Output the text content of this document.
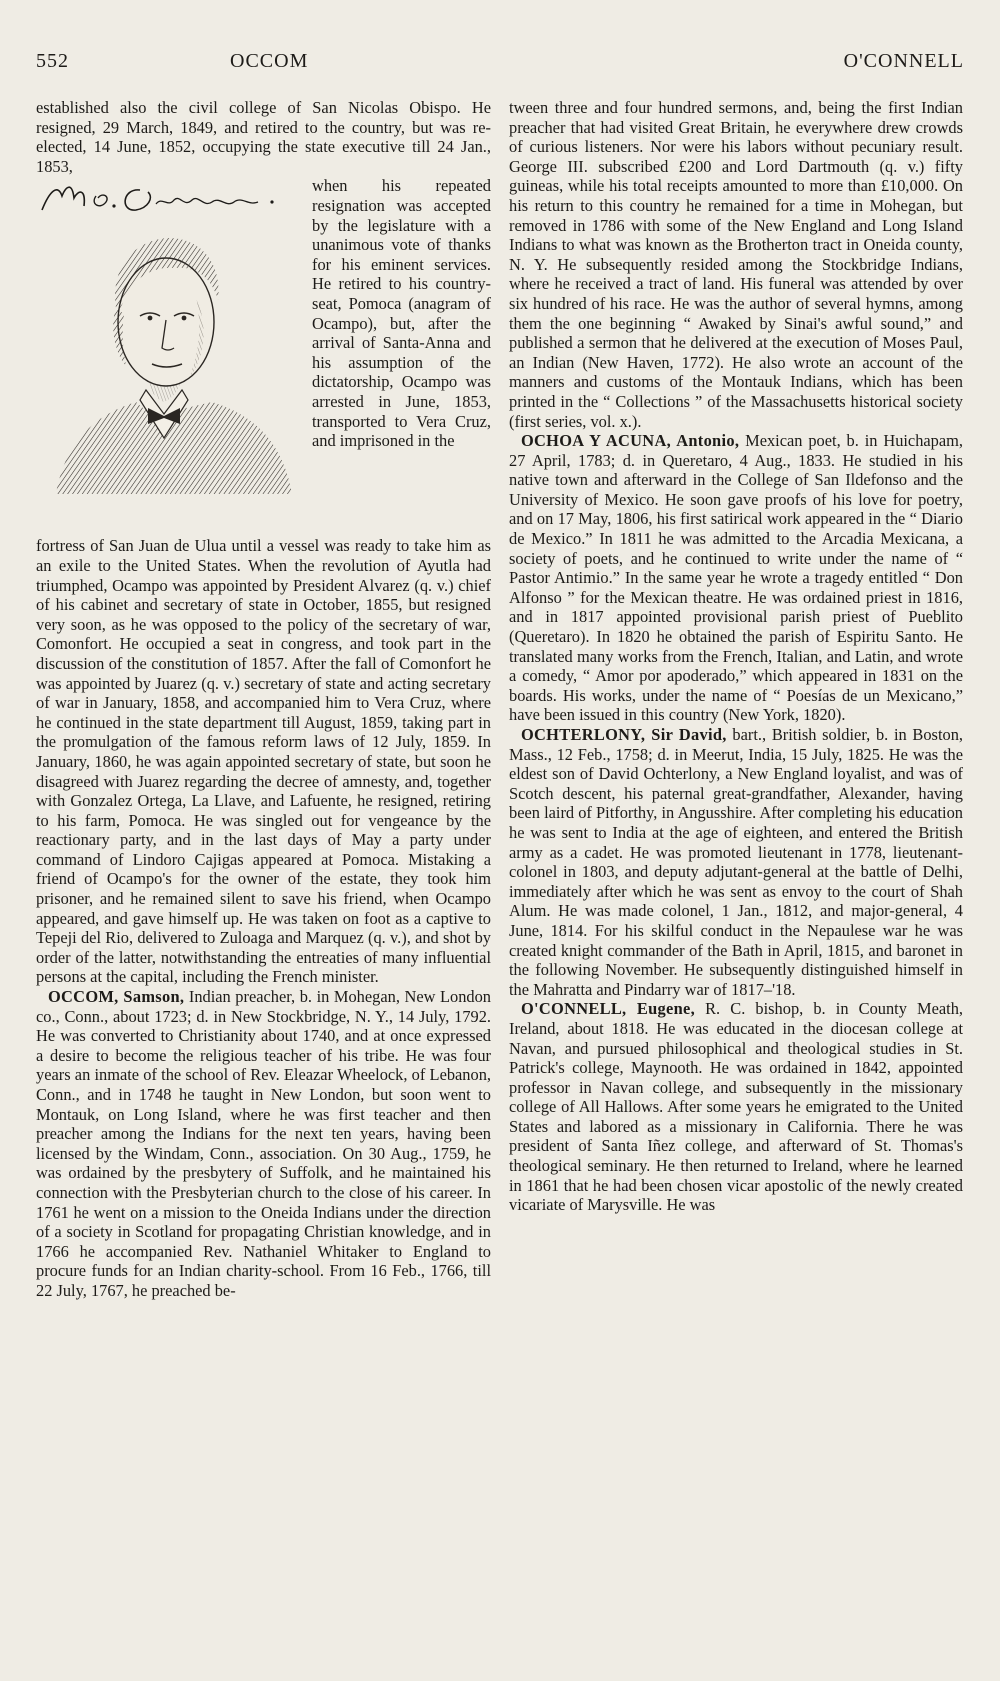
552	OCCOM	O'CONNELL

established also the civil college of San Nicolas Obispo. He resigned, 29 March, 1849, and retired to the country, but was re-elected, 14 June, 1852, occupying the state executive till 24 Jan., 1853,

when his repeated resignation was accepted by the legislature with a unanimous vote of thanks for his eminent services. He retired to his country-seat, Pomoca (anagram of Ocampo), but, after the arrival of Santa-Anna and his assumption of the dictatorship, Ocampo was arrested in June, 1853, transported to Vera Cruz, and imprisoned in the

fortress of San Juan de Ulua until a vessel was ready to take him as an exile to the United States. When the revolution of Ayutla had triumphed, Ocampo was appointed by President Alvarez (q. v.) chief of his cabinet and secretary of state in October, 1855, but resigned very soon, as he was opposed to the policy of the secretary of war, Comonfort. He occupied a seat in congress, and took part in the discussion of the constitution of 1857. After the fall of Comonfort he was appointed by Juarez (q. v.) secretary of state and acting secretary of war in January, 1858, and accompanied him to Vera Cruz, where he continued in the state department till August, 1859, taking part in the promulgation of the famous reform laws of 12 July, 1859. In January, 1860, he was again appointed secretary of state, but soon he disagreed with Juarez regarding the decree of amnesty, and, together with Gonzalez Ortega, La Llave, and Lafuente, he resigned, retiring to his farm, Pomoca. He was singled out for vengeance by the reactionary party, and in the last days of May a party under command of Lindoro Cajigas appeared at Pomoca. Mistaking a friend of Ocampo's for the owner of the estate, they took him prisoner, and he remained silent to save his friend, when Ocampo appeared, and gave himself up. He was taken on foot as a captive to Tepeji del Rio, delivered to Zuloaga and Marquez (q. v.), and shot by order of the latter, notwithstanding the entreaties of many influential persons at the capital, including the French minister.

OCCOM, Samson, Indian preacher, b. in Mohegan, New London co., Conn., about 1723; d. in New Stockbridge, N. Y., 14 July, 1792. He was converted to Christianity about 1740, and at once expressed a desire to become the religious teacher of his tribe. He was four years an inmate of the school of Rev. Eleazar Wheelock, of Lebanon, Conn., and in 1748 he taught in New London, but soon went to Montauk, on Long Island, where he was first teacher and then preacher among the Indians for the next ten years, having been licensed by the Windam, Conn., association. On 30 Aug., 1759, he was ordained by the presbytery of Suffolk, and he maintained his connection with the Presbyterian church to the close of his career. In 1761 he went on a mission to the Oneida Indians under the direction of a society in Scotland for propagating Christian knowledge, and in 1766 he accompanied Rev. Nathaniel Whitaker to England to procure funds for an Indian charity-school. From 16 Feb., 1766, till 22 July, 1767, he preached be-

tween three and four hundred sermons, and, being the first Indian preacher that had visited Great Britain, he everywhere drew crowds of curious listeners. Nor were his labors without pecuniary result. George III. subscribed £200 and Lord Dartmouth (q. v.) fifty guineas, while his total receipts amounted to more than £10,000. On his return to this country he remained for a time in Mohegan, but removed in 1786 with some of the New England and Long Island Indians to what was known as the Brotherton tract in Oneida county, N. Y. He subsequently resided among the Stockbridge Indians, where he received a tract of land. His funeral was attended by over six hundred of his race. He was the author of several hymns, among them the one beginning “ Awaked by Sinai's awful sound,” and published a sermon that he delivered at the execution of Moses Paul, an Indian (New Haven, 1772). He also wrote an account of the manners and customs of the Montauk Indians, which has been printed in the “ Collections ” of the Massachusetts historical society (first series, vol. x.).

OCHOA Y ACUNA, Antonio, Mexican poet, b. in Huichapam, 27 April, 1783; d. in Queretaro, 4 Aug., 1833. He studied in his native town and afterward in the College of San Ildefonso and the University of Mexico. He soon gave proofs of his love for poetry, and on 17 May, 1806, his first satirical work appeared in the “ Diario de Mexico.” In 1811 he was admitted to the Arcadia Mexicana, a society of poets, and he continued to write under the name of “ Pastor Antimio.” In the same year he wrote a tragedy entitled “ Don Alfonso ” for the Mexican theatre. He was ordained priest in 1816, and in 1817 appointed provisional parish priest of Pueblito (Queretaro). In 1820 he obtained the parish of Espiritu Santo. He translated many works from the French, Italian, and Latin, and wrote a comedy, “ Amor por apoderado,” which appeared in 1831 on the boards. His works, under the name of “ Poesías de un Mexicano,” have been issued in this country (New York, 1820).

OCHTERLONY, Sir David, bart., British soldier, b. in Boston, Mass., 12 Feb., 1758; d. in Meerut, India, 15 July, 1825. He was the eldest son of David Ochterlony, a New England loyalist, and was of Scotch descent, his paternal great-grandfather, Alexander, having been laird of Pitforthy, in Angusshire. After completing his education he was sent to India at the age of eighteen, and entered the British army as a cadet. He was promoted lieutenant in 1778, lieutenant-colonel in 1803, and deputy adjutant-general at the battle of Delhi, immediately after which he was sent as envoy to the court of Shah Alum. He was made colonel, 1 Jan., 1812, and major-general, 4 June, 1814. For his skilful conduct in the Nepaulese war he was created knight commander of the Bath in April, 1815, and baronet in the following November. He subsequently distinguished himself in the Mahratta and Pindarry war of 1817–'18.

O'CONNELL, Eugene, R. C. bishop, b. in County Meath, Ireland, about 1818. He was educated in the diocesan college at Navan, and pursued philosophical and theological studies in St. Patrick's college, Maynooth. He was ordained in 1842, appointed professor in Navan college, and subsequently in the missionary college of All Hallows. After some years he emigrated to the United States and labored as a missionary in California. There he was president of Santa Iñez college, and afterward of St. Thomas's theological seminary. He then returned to Ireland, where he learned in 1861 that he had been chosen vicar apostolic of the newly created vicariate of Marysville. He was
